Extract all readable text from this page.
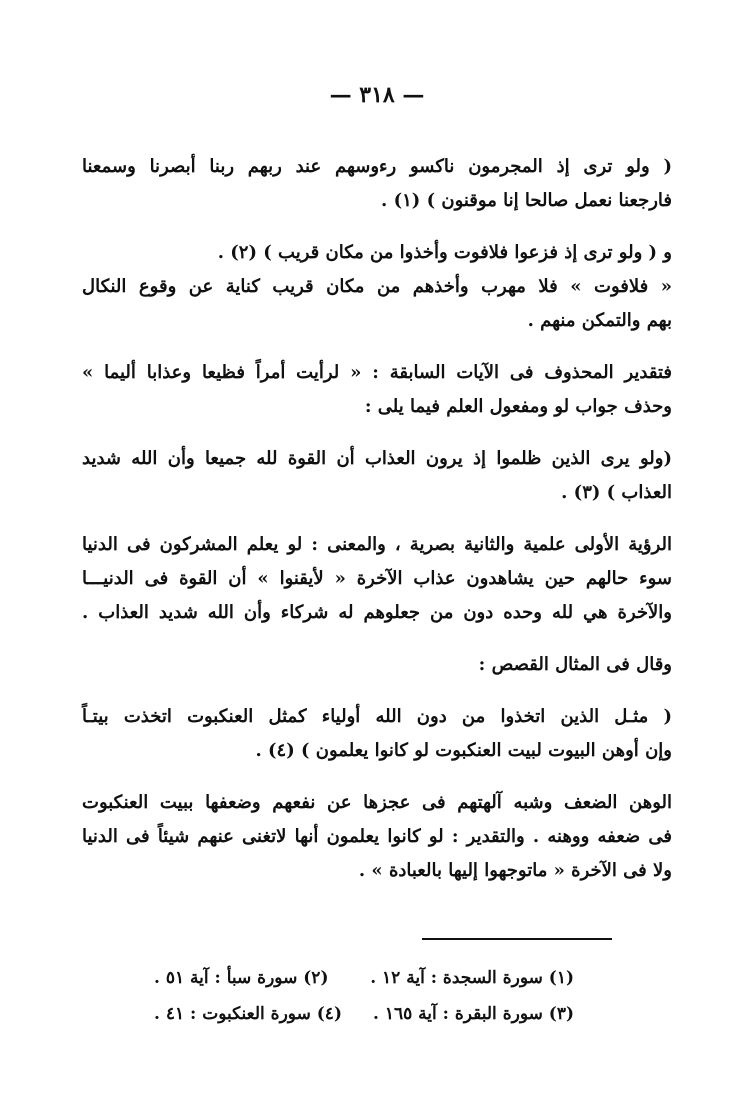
— ٣١٨ —
( ولو ترى إذ المجرمون ناكسو رءوسهم عند ربهم ربنا أبصرنا وسمعنا
فارجعنا نعمل صالحا إنا موقنون ) (١) .
و ( ولو ترى إذ فزعوا فلافوت وأخذوا من مكان قريب ) (٢) .
« فلافوت » فلا مهرب وأخذهم من مكان قريب كناية عن وقوع النكال
بهم والتمكن منهم .
فتقدير المحذوف فى الآيات السابقة : « لرأيت أمراً فظيعا وعذابا أليما »
وحذف جواب لو ومفعول العلم فيما يلى :
(ولو يرى الذين ظلموا إذ يرون العذاب أن القوة لله جميعا وأن الله شديد
العذاب ) (٣) .
الرؤية الأولى علمية والثانية بصرية ، والمعنى : لو يعلم المشركون فى الدنيا
سوء حالهم حين يشاهدون عذاب الآخرة « لأيقنوا » أن القوة فى الدنيـــا
والآخرة هي لله وحده دون من جعلوهم له شركاء وأن الله شديد العذاب .
وقال فى المثال القصص :
( مثـل الذين اتخذوا من دون الله أولياء كمثل العنكبوت اتخذت بيتـاً
وإن أوهن البيوت لبيت العنكبوت لو كانوا يعلمون ) (٤) .
الوهن الضعف وشبه آلهتهم فى عجزها عن نفعهم وضعفها ببيت العنكبوت
فى ضعفه ووهنه . والتقدير : لو كانوا يعلمون أنها لاتغنى عنهم شيئاً فى الدنيا
ولا فى الآخرة « ماتوجهوا إليها بالعبادة » .
(١) سورة السجدة : آية ١٢ .
(٢) سورة سبأ : آية ٥١ .
(٣) سورة البقرة : آية ١٦٥ .
(٤) سورة العنكبوت : ٤١ .
